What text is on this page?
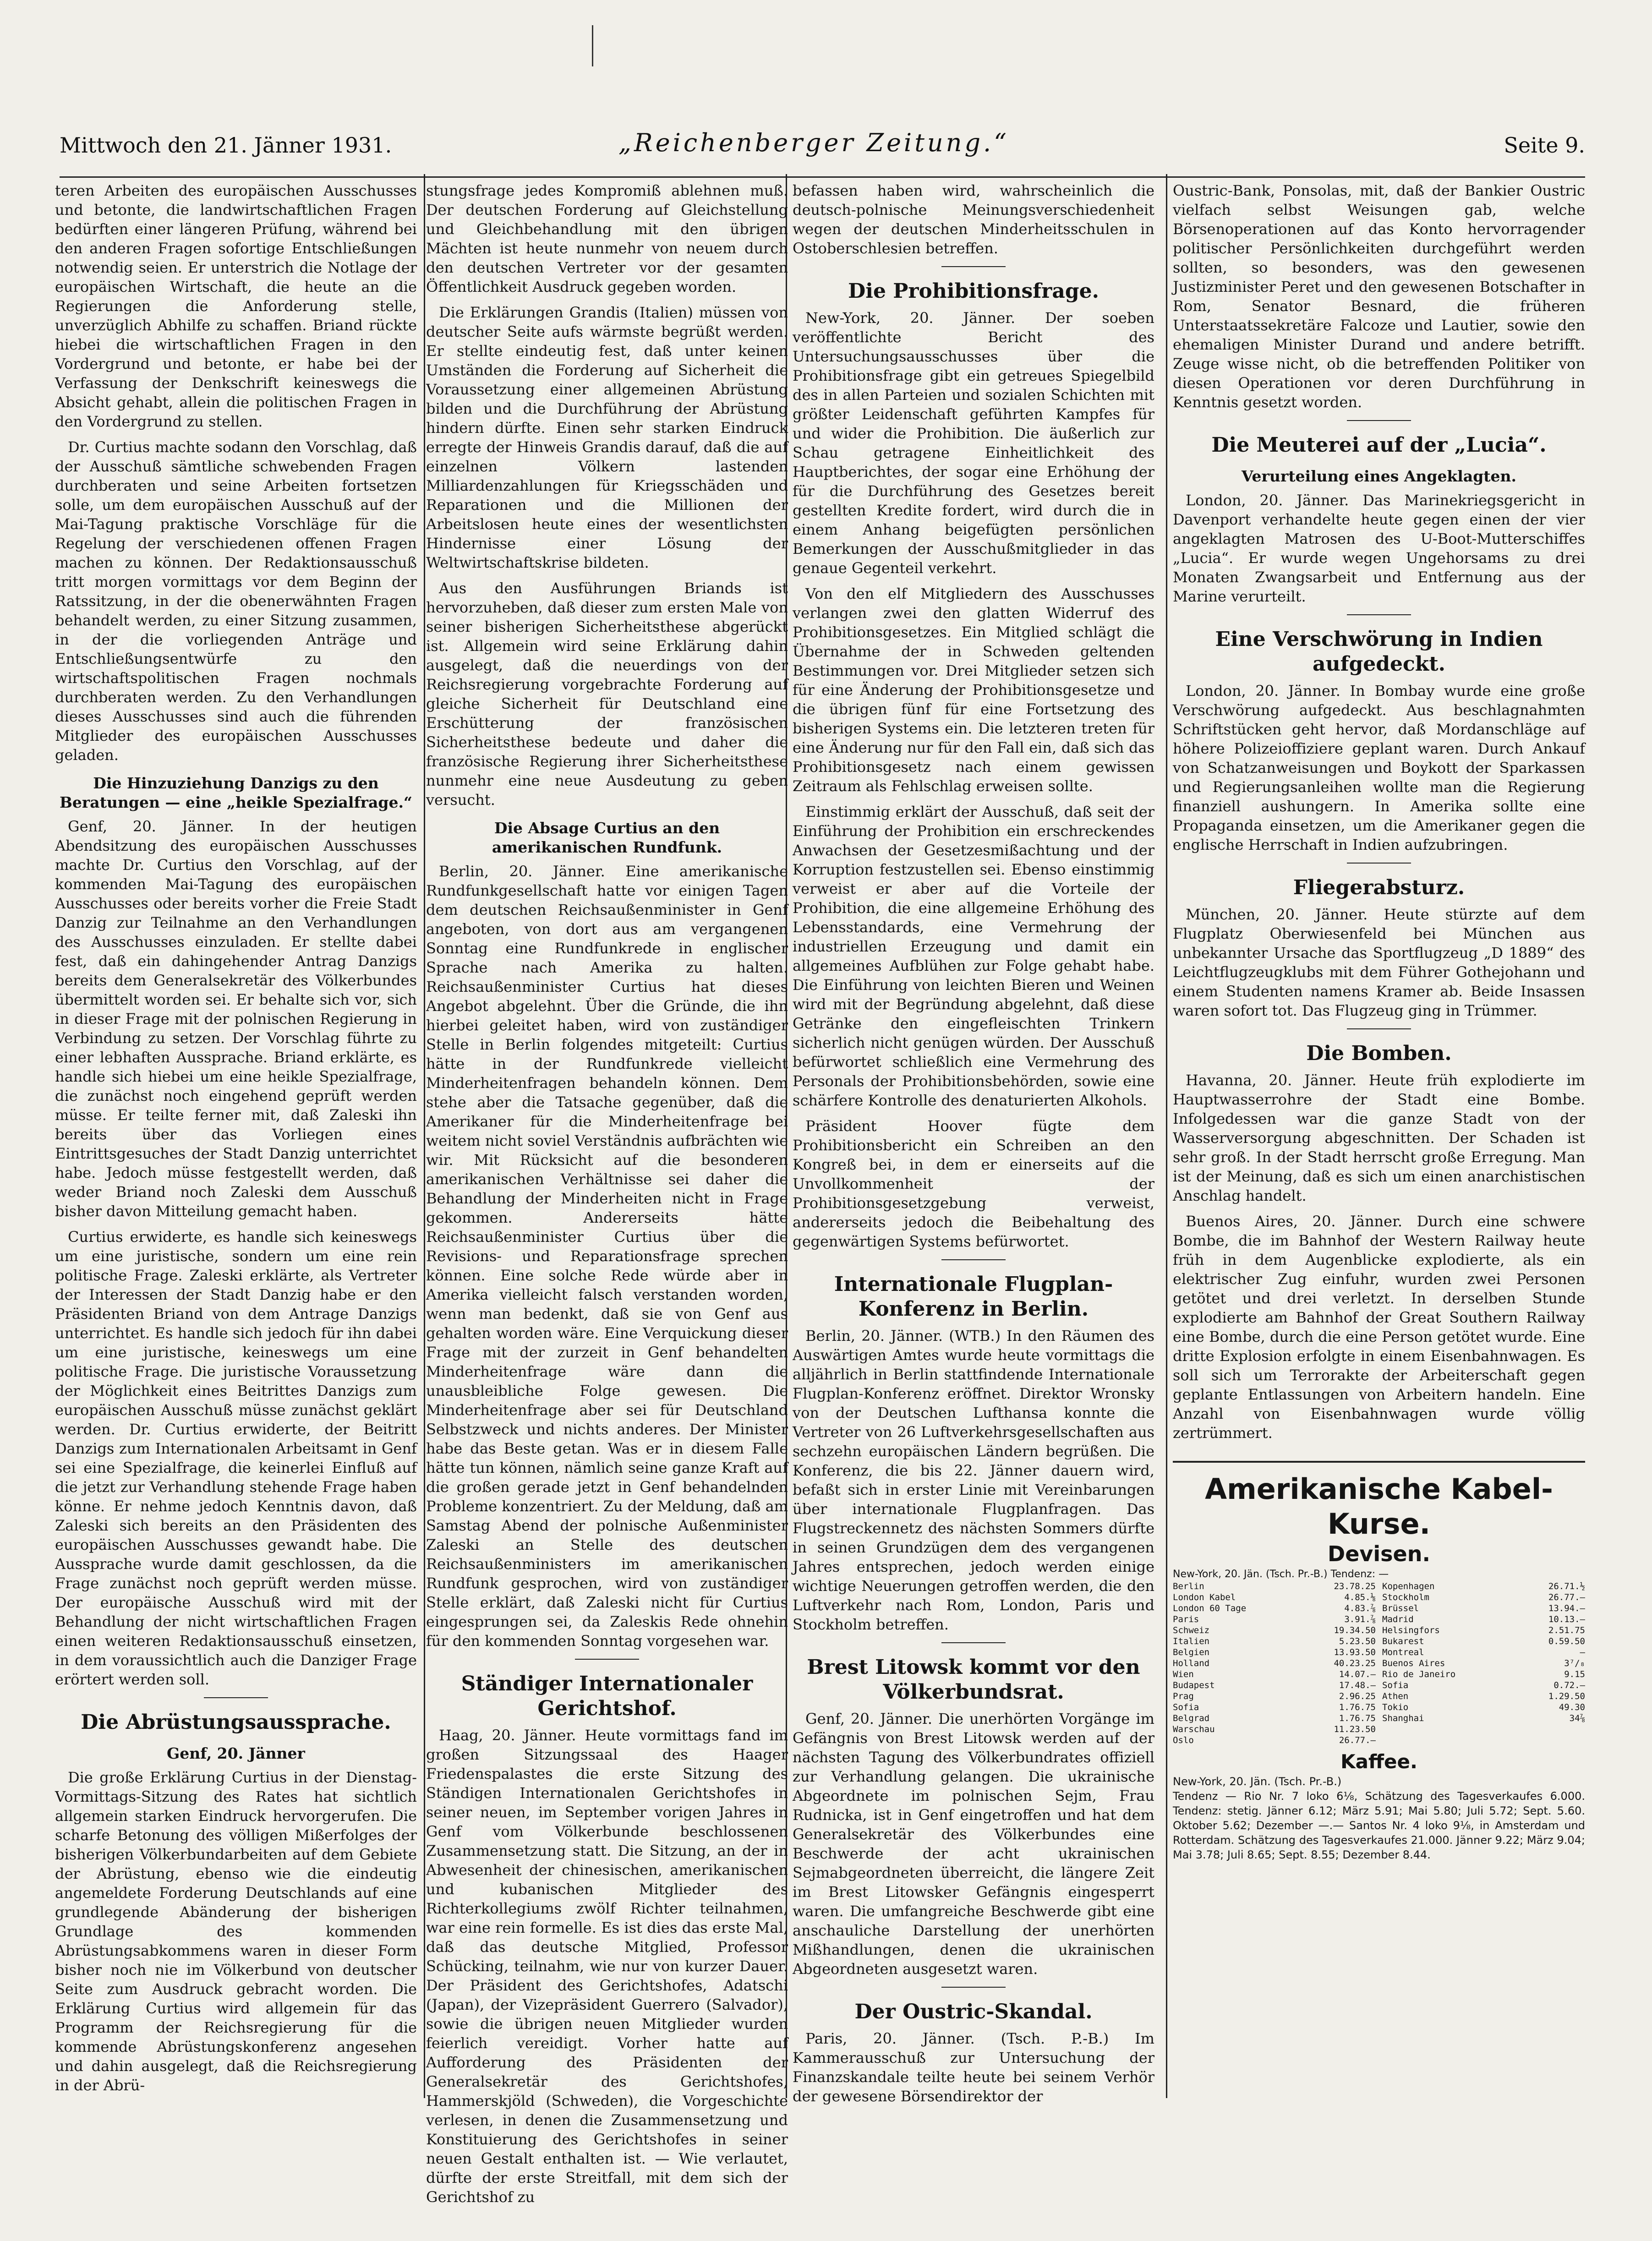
Mittwoch den 21. Jänner 1931.	„Reichenberger Zeitung.“	Seite 9.

teren Arbeiten des europäischen Ausschusses und betonte, die landwirtschaftlichen Fragen bedürften einer längeren Prüfung, während bei den anderen Fragen sofortige Entschließungen notwendig seien. Er unterstrich die Notlage der europäischen Wirtschaft, die heute an die Regierungen die Anforderung stelle, unverzüglich Abhilfe zu schaffen. Briand rückte hiebei die wirtschaftlichen Fragen in den Vordergrund und betonte, er habe bei der Verfassung der Denkschrift keineswegs die Absicht gehabt, allein die politischen Fragen in den Vordergrund zu stellen.

Dr. Curtius machte sodann den Vorschlag, daß der Ausschuß sämtliche schwebenden Fragen durchberaten und seine Arbeiten fortsetzen solle, um dem europäischen Ausschuß auf der Mai-Tagung praktische Vorschläge für die Regelung der verschiedenen offenen Fragen machen zu können. Der Redaktionsausschuß tritt morgen vormittags vor dem Beginn der Ratssitzung, in der die obenerwähnten Fragen behandelt werden, zu einer Sitzung zusammen, in der die vorliegenden Anträge und Entschließungsentwürfe zu den wirtschaftspolitischen Fragen nochmals durchberaten werden. Zu den Verhandlungen dieses Ausschusses sind auch die führenden Mitglieder des europäischen Ausschusses geladen.

Die Hinzuziehung Danzigs zu den Beratungen — eine „heikle Spezialfrage.“

Genf, 20. Jänner. In der heutigen Abendsitzung des europäischen Ausschusses machte Dr. Curtius den Vorschlag, auf der kommenden Mai-Tagung des europäischen Ausschusses oder bereits vorher die Freie Stadt Danzig zur Teilnahme an den Verhandlungen des Ausschusses einzuladen. Er stellte dabei fest, daß ein dahingehender Antrag Danzigs bereits dem Generalsekretär des Völkerbundes übermittelt worden sei. Er behalte sich vor, sich in dieser Frage mit der polnischen Regierung in Verbindung zu setzen. Der Vorschlag führte zu einer lebhaften Aussprache. Briand erklärte, es handle sich hiebei um eine heikle Spezialfrage, die zunächst noch eingehend geprüft werden müsse. Er teilte ferner mit, daß Zaleski ihn bereits über das Vorliegen eines Eintrittsgesuches der Stadt Danzig unterrichtet habe. Jedoch müsse festgestellt werden, daß weder Briand noch Zaleski dem Ausschuß bisher davon Mitteilung gemacht haben.

Curtius erwiderte, es handle sich keineswegs um eine juristische, sondern um eine rein politische Frage. Zaleski erklärte, als Vertreter der Interessen der Stadt Danzig habe er den Präsidenten Briand von dem Antrage Danzigs unterrichtet. Es handle sich jedoch für ihn dabei um eine juristische, keineswegs um eine politische Frage. Die juristische Voraussetzung der Möglichkeit eines Beitrittes Danzigs zum europäischen Ausschuß müsse zunächst geklärt werden. Dr. Curtius erwiderte, der Beitritt Danzigs zum Internationalen Arbeitsamt in Genf sei eine Spezialfrage, die keinerlei Einfluß auf die jetzt zur Verhandlung stehende Frage haben könne. Er nehme jedoch Kenntnis davon, daß Zaleski sich bereits an den Präsidenten des europäischen Ausschusses gewandt habe. Die Aussprache wurde damit geschlossen, da die Frage zunächst noch geprüft werden müsse. Der europäische Ausschuß wird mit der Behandlung der nicht wirtschaftlichen Fragen einen weiteren Redaktionsausschuß einsetzen, in dem voraussichtlich auch die Danziger Frage erörtert werden soll.

Die Abrüstungsaussprache.
Genf, 20. Jänner

Die große Erklärung Curtius in der Dienstag-Vormittags-Sitzung des Rates hat sichtlich allgemein starken Eindruck hervorgerufen. Die scharfe Betonung des völligen Mißerfolges der bisherigen Völkerbundarbeiten auf dem Gebiete der Abrüstung, ebenso wie die eindeutig angemeldete Forderung Deutschlands auf eine grundlegende Abänderung der bisherigen Grundlage des kommenden Abrüstungsabkommens waren in dieser Form bisher noch nie im Völkerbund von deutscher Seite zum Ausdruck gebracht worden. Die Erklärung Curtius wird allgemein für das Programm der Reichsregierung für die kommende Abrüstungskonferenz angesehen und dahin ausgelegt, daß die Reichsregierung in der Abrü-

stungsfrage jedes Kompromiß ablehnen muß. Der deutschen Forderung auf Gleichstellung und Gleichbehandlung mit den übrigen Mächten ist heute nunmehr von neuem durch den deutschen Vertreter vor der gesamten Öffentlichkeit Ausdruck gegeben worden.

Die Erklärungen Grandis (Italien) müssen von deutscher Seite aufs wärmste begrüßt werden. Er stellte eindeutig fest, daß unter keinen Umständen die Forderung auf Sicherheit die Voraussetzung einer allgemeinen Abrüstung bilden und die Durchführung der Abrüstung hindern dürfte. Einen sehr starken Eindruck erregte der Hinweis Grandis darauf, daß die auf einzelnen Völkern lastenden Milliardenzahlungen für Kriegsschäden und Reparationen und die Millionen der Arbeitslosen heute eines der wesentlichsten Hindernisse einer Lösung der Weltwirtschaftskrise bildeten.

Aus den Ausführungen Briands ist hervorzuheben, daß dieser zum ersten Male von seiner bisherigen Sicherheitsthese abgerückt ist. Allgemein wird seine Erklärung dahin ausgelegt, daß die neuerdings von der Reichsregierung vorgebrachte Forderung auf gleiche Sicherheit für Deutschland eine Erschütterung der französischen Sicherheitsthese bedeute und daher die französische Regierung ihrer Sicherheitsthese nunmehr eine neue Ausdeutung zu geben versucht.

Die Absage Curtius an den amerikanischen Rundfunk.

Berlin, 20. Jänner. Eine amerikanische Rundfunkgesellschaft hatte vor einigen Tagen dem deutschen Reichsaußenminister in Genf angeboten, von dort aus am vergangenen Sonntag eine Rundfunkrede in englischer Sprache nach Amerika zu halten. Reichsaußenminister Curtius hat dieses Angebot abgelehnt. Über die Gründe, die ihn hierbei geleitet haben, wird von zuständiger Stelle in Berlin folgendes mitgeteilt: Curtius hätte in der Rundfunkrede vielleicht Minderheitenfragen behandeln können. Dem stehe aber die Tatsache gegenüber, daß die Amerikaner für die Minderheitenfrage bei weitem nicht soviel Verständnis aufbrächten wie wir. Mit Rücksicht auf die besonderen amerikanischen Verhältnisse sei daher die Behandlung der Minderheiten nicht in Frage gekommen. Andererseits hätte Reichsaußenminister Curtius über die Revisions- und Reparationsfrage sprechen können. Eine solche Rede würde aber in Amerika vielleicht falsch verstanden worden, wenn man bedenkt, daß sie von Genf aus gehalten worden wäre. Eine Verquickung dieser Frage mit der zurzeit in Genf behandelten Minderheitenfrage wäre dann die unausbleibliche Folge gewesen. Die Minderheitenfrage aber sei für Deutschland Selbstzweck und nichts anderes. Der Minister habe das Beste getan. Was er in diesem Falle hätte tun können, nämlich seine ganze Kraft auf die großen gerade jetzt in Genf behandelnden Probleme konzentriert. Zu der Meldung, daß am Samstag Abend der polnische Außenminister Zaleski an Stelle des deutschen Reichsaußenministers im amerikanischen Rundfunk gesprochen, wird von zuständiger Stelle erklärt, daß Zaleski nicht für Curtius eingesprungen sei, da Zaleskis Rede ohnehin für den kommenden Sonntag vorgesehen war.

Ständiger Internationaler Gerichtshof.

Haag, 20. Jänner. Heute vormittags fand im großen Sitzungssaal des Haager Friedenspalastes die erste Sitzung des Ständigen Internationalen Gerichtshofes in seiner neuen, im September vorigen Jahres in Genf vom Völkerbunde beschlossenen Zusammensetzung statt. Die Sitzung, an der in Abwesenheit der chinesischen, amerikanischen und kubanischen Mitglieder des Richterkollegiums zwölf Richter teilnahmen, war eine rein formelle. Es ist dies das erste Mal, daß das deutsche Mitglied, Professor Schücking, teilnahm, wie nur von kurzer Dauer. Der Präsident des Gerichtshofes, Adatschi (Japan), der Vizepräsident Guerrero (Salvador), sowie die übrigen neuen Mitglieder wurden feierlich vereidigt. Vorher hatte auf Aufforderung des Präsidenten der Generalsekretär des Gerichtshofes, Hammerskjöld (Schweden), die Vorgeschichte verlesen, in denen die Zusammensetzung und Konstituierung des Gerichtshofes in seiner neuen Gestalt enthalten ist. — Wie verlautet, dürfte der erste Streitfall, mit dem sich der Gerichtshof zu

befassen haben wird, wahrscheinlich die deutsch-polnische Meinungsverschiedenheit wegen der deutschen Minderheitsschulen in Ostoberschlesien betreffen.

Die Prohibitionsfrage.

New-York, 20. Jänner. Der soeben veröffentlichte Bericht des Untersuchungsausschusses über die Prohibitionsfrage gibt ein getreues Spiegelbild des in allen Parteien und sozialen Schichten mit größter Leidenschaft geführten Kampfes für und wider die Prohibition. Die äußerlich zur Schau getragene Einheitlichkeit des Hauptberichtes, der sogar eine Erhöhung der für die Durchführung des Gesetzes bereit gestellten Kredite fordert, wird durch die in einem Anhang beigefügten persönlichen Bemerkungen der Ausschußmitglieder in das genaue Gegenteil verkehrt.

Von den elf Mitgliedern des Ausschusses verlangen zwei den glatten Widerruf des Prohibitionsgesetzes. Ein Mitglied schlägt die Übernahme der in Schweden geltenden Bestimmungen vor. Drei Mitglieder setzen sich für eine Änderung der Prohibitionsgesetze und die übrigen fünf für eine Fortsetzung des bisherigen Systems ein. Die letzteren treten für eine Änderung nur für den Fall ein, daß sich das Prohibitionsgesetz nach einem gewissen Zeitraum als Fehlschlag erweisen sollte.

Einstimmig erklärt der Ausschuß, daß seit der Einführung der Prohibition ein erschreckendes Anwachsen der Gesetzesmißachtung und der Korruption festzustellen sei. Ebenso einstimmig verweist er aber auf die Vorteile der Prohibition, die eine allgemeine Erhöhung des Lebensstandards, eine Vermehrung der industriellen Erzeugung und damit ein allgemeines Aufblühen zur Folge gehabt habe. Die Einführung von leichten Bieren und Weinen wird mit der Begründung abgelehnt, daß diese Getränke den eingefleischten Trinkern sicherlich nicht genügen würden. Der Ausschuß befürwortet schließlich eine Vermehrung des Personals der Prohibitionsbehörden, sowie eine schärfere Kontrolle des denaturierten Alkohols.

Präsident Hoover fügte dem Prohibitionsbericht ein Schreiben an den Kongreß bei, in dem er einerseits auf die Unvollkommenheit der Prohibitionsgesetzgebung verweist, andererseits jedoch die Beibehaltung des gegenwärtigen Systems befürwortet.

Internationale Flugplan-Konferenz in Berlin.

Berlin, 20. Jänner. (WTB.) In den Räumen des Auswärtigen Amtes wurde heute vormittags die alljährlich in Berlin stattfindende Internationale Flugplan-Konferenz eröffnet. Direktor Wronsky von der Deutschen Lufthansa konnte die Vertreter von 26 Luftverkehrsgesellschaften aus sechzehn europäischen Ländern begrüßen. Die Konferenz, die bis 22. Jänner dauern wird, befaßt sich in erster Linie mit Vereinbarungen über internationale Flugplanfragen. Das Flugstreckennetz des nächsten Sommers dürfte in seinen Grundzügen dem des vergangenen Jahres entsprechen, jedoch werden einige wichtige Neuerungen getroffen werden, die den Luftverkehr nach Rom, London, Paris und Stockholm betreffen.

Brest Litowsk kommt vor den Völkerbundsrat.

Genf, 20. Jänner. Die unerhörten Vorgänge im Gefängnis von Brest Litowsk werden auf der nächsten Tagung des Völkerbundrates offiziell zur Verhandlung gelangen. Die ukrainische Abgeordnete im polnischen Sejm, Frau Rudnicka, ist in Genf eingetroffen und hat dem Generalsekretär des Völkerbundes eine Beschwerde der acht ukrainischen Sejmabgeordneten überreicht, die längere Zeit im Brest Litowsker Gefängnis eingesperrt waren. Die umfangreiche Beschwerde gibt eine anschauliche Darstellung der unerhörten Mißhandlungen, denen die ukrainischen Abgeordneten ausgesetzt waren.

Der Oustric-Skandal.

Paris, 20. Jänner. (Tsch. P.-B.) Im Kammerausschuß zur Untersuchung der Finanzskandale teilte heute bei seinem Verhör der gewesene Börsendirektor der

Oustric-Bank, Ponsolas, mit, daß der Bankier Oustric vielfach selbst Weisungen gab, welche Börsenoperationen auf das Konto hervorragender politischer Persönlichkeiten durchgeführt werden sollten, so besonders, was den gewesenen Justizminister Peret und den gewesenen Botschafter in Rom, Senator Besnard, die früheren Unterstaatssekretäre Falcoze und Lautier, sowie den ehemaligen Minister Durand und andere betrifft. Zeuge wisse nicht, ob die betreffenden Politiker von diesen Operationen vor deren Durchführung in Kenntnis gesetzt worden.

Die Meuterei auf der „Lucia“.
Verurteilung eines Angeklagten.

London, 20. Jänner. Das Marinekriegsgericht in Davenport verhandelte heute gegen einen der vier angeklagten Matrosen des U-Boot-Mutterschiffes „Lucia“. Er wurde wegen Ungehorsams zu drei Monaten Zwangsarbeit und Entfernung aus der Marine verurteilt.

Eine Verschwörung in Indien aufgedeckt.

London, 20. Jänner. In Bombay wurde eine große Verschwörung aufgedeckt. Aus beschlagnahmten Schriftstücken geht hervor, daß Mordanschläge auf höhere Polizeioffiziere geplant waren. Durch Ankauf von Schatzanweisungen und Boykott der Sparkassen und Regierungsanleihen wollte man die Regierung finanziell aushungern. In Amerika sollte eine Propaganda einsetzen, um die Amerikaner gegen die englische Herrschaft in Indien aufzubringen.

Fliegerabsturz.

München, 20. Jänner. Heute stürzte auf dem Flugplatz Oberwiesenfeld bei München aus unbekannter Ursache das Sportflugzeug „D 1889“ des Leichtflugzeugklubs mit dem Führer Gothejohann und einem Studenten namens Kramer ab. Beide Insassen waren sofort tot. Das Flugzeug ging in Trümmer.

Die Bomben.

Havanna, 20. Jänner. Heute früh explodierte im Hauptwasserrohre der Stadt eine Bombe. Infolgedessen war die ganze Stadt von der Wasserversorgung abgeschnitten. Der Schaden ist sehr groß. In der Stadt herrscht große Erregung. Man ist der Meinung, daß es sich um einen anarchistischen Anschlag handelt.

Buenos Aires, 20. Jänner. Durch eine schwere Bombe, die im Bahnhof der Western Railway heute früh in dem Augenblicke explodierte, als ein elektrischer Zug einfuhr, wurden zwei Personen getötet und drei verletzt. In derselben Stunde explodierte am Bahnhof der Great Southern Railway eine Bombe, durch die eine Person getötet wurde. Eine dritte Explosion erfolgte in einem Eisenbahnwagen. Es soll sich um Terrorakte der Arbeiterschaft gegen geplante Entlassungen von Arbeitern handeln. Eine Anzahl von Eisenbahnwagen wurde völlig zertrümmert.

Amerikanische Kabel-Kurse.
Devisen.
New-York, 20. Jän. (Tsch. Pr.-B.) Tendenz: —
Berlin	23.78.25
London Kabel	4.85.⅛
London 60 Tage	4.83.⅞
Paris	3.91.⅞
Schweiz	19.34.50
Italien	5.23.50
Belgien	13.93.50
Holland	40.23.25
Wien	14.07.—
Budapest	17.48.—
Prag	2.96.25
Sofia	1.76.75
Belgrad	1.76.75
Warschau	11.23.50
Oslo	26.77.—
Kopenhagen	26.71.½
Stockholm	26.77.—
Brüssel	13.94.—
Madrid	10.13.—
Helsingfors	2.51.75
Bukarest	0.59.50
Montreal	—
Buenos Aires	3⁷/₈
Rio de Janeiro	9.15
Sofia	0.72.—
Athen	1.29.50
Tokio	49.30
Shanghai	34⅞
Kaffee.
New-York, 20. Jän. (Tsch. Pr.-B.)
Tendenz — Rio Nr. 7 loko 6⅛, Schätzung des Tagesverkaufes 6.000. Tendenz: stetig. Jänner 6.12; März 5.91; Mai 5.80; Juli 5.72; Sept. 5.60. Oktober 5.62; Dezember —.— Santos Nr. 4 loko 9⅛, in Amsterdam und Rotterdam. Schätzung des Tagesverkaufes 21.000. Jänner 9.22; März 9.04; Mai 3.78; Juli 8.65; Sept. 8.55; Dezember 8.44.
